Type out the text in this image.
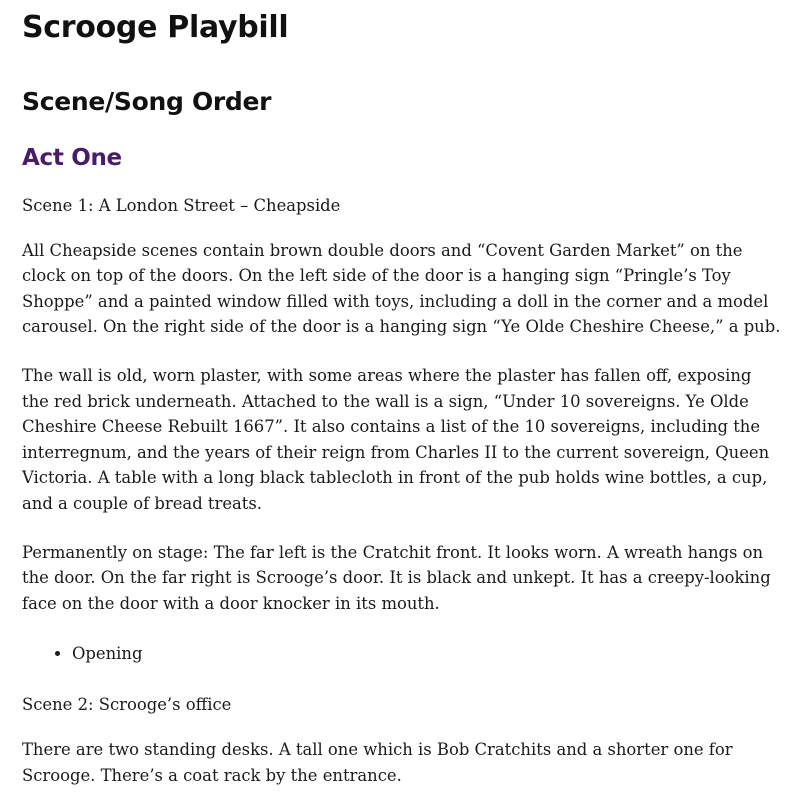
Scrooge Playbill
Scene/Song Order
Act One

Scene 1: A London Street – Cheapside

All Cheapside scenes contain brown double doors and “Covent Garden Market” on the clock on top of the doors. On the left side of the door is a hanging sign “Pringle’s Toy Shoppe” and a painted window filled with toys, including a doll in the corner and a model carousel. On the right side of the door is a hanging sign “Ye Olde Cheshire Cheese,” a pub.

The wall is old, worn plaster, with some areas where the plaster has fallen off, exposing the red brick underneath. Attached to the wall is a sign, “Under 10 sovereigns. Ye Olde Cheshire Cheese Rebuilt 1667”. It also contains a list of the 10 sovereigns, including the interregnum, and the years of their reign from Charles II to the current sovereign, Queen Victoria. A table with a long black tablecloth in front of the pub holds wine bottles, a cup, and a couple of bread treats.

Permanently on stage: The far left is the Cratchit front. It looks worn. A wreath hangs on the door. On the far right is Scrooge’s door. It is black and unkept. It has a creepy-looking face on the door with a door knocker in its mouth.

• Opening

Scene 2: Scrooge’s office

There are two standing desks. A tall one which is Bob Cratchits and a shorter one for Scrooge. There’s a coat rack by the entrance.
